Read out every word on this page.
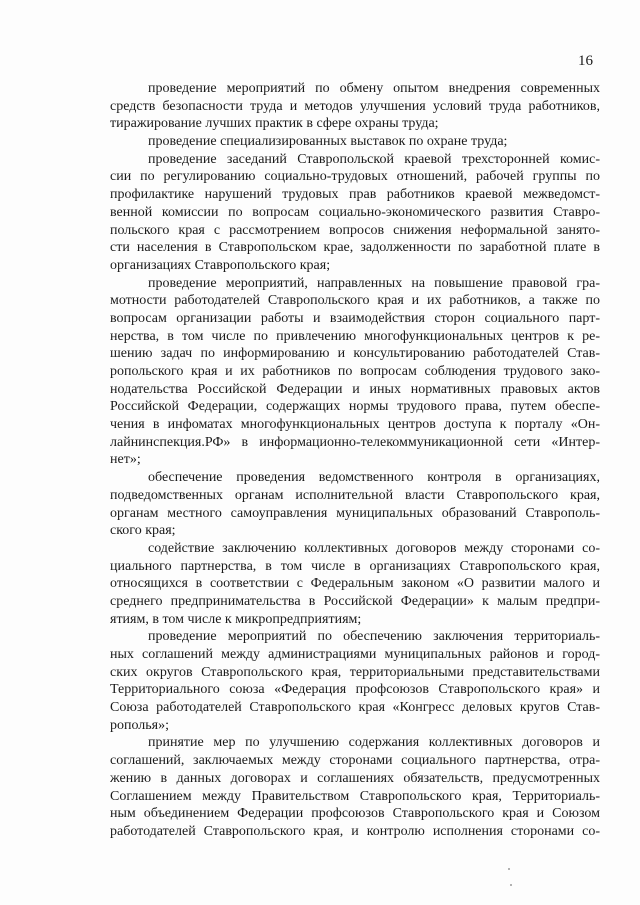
16
проведение мероприятий по обмену опытом внедрения современных
средств безопасности труда и методов улучшения условий труда работников,
тиражирование лучших практик в сфере охраны труда;
проведение специализированных выставок по охране труда;
проведение заседаний Ставропольской краевой трехсторонней комис-
сии по регулированию социально-трудовых отношений, рабочей группы по
профилактике нарушений трудовых прав работников краевой межведомст-
венной комиссии по вопросам социально-экономического развития Ставро-
польского края с рассмотрением вопросов снижения неформальной занято-
сти населения в Ставропольском крае, задолженности по заработной плате в
организациях Ставропольского края;
проведение мероприятий, направленных на повышение правовой гра-
мотности работодателей Ставропольского края и их работников, а также по
вопросам организации работы и взаимодействия сторон социального парт-
нерства, в том числе по привлечению многофункциональных центров к ре-
шению задач по информированию и консультированию работодателей Став-
ропольского края и их работников по вопросам соблюдения трудового зако-
нодательства Российской Федерации и иных нормативных правовых актов
Российской Федерации, содержащих нормы трудового права, путем обеспе-
чения в инфоматах многофункциональных центров доступа к порталу «Он-
лайнинспекция.РФ» в информационно-телекоммуникационной сети «Интер-
нет»;
обеспечение проведения ведомственного контроля в организациях,
подведомственных органам исполнительной власти Ставропольского края,
органам местного самоуправления муниципальных образований Ставрополь-
ского края;
содействие заключению коллективных договоров между сторонами со-
циального партнерства, в том числе в организациях Ставропольского края,
относящихся в соответствии с Федеральным законом «О развитии малого и
среднего предпринимательства в Российской Федерации» к малым предпри-
ятиям, в том числе к микропредприятиям;
проведение мероприятий по обеспечению заключения территориаль-
ных соглашений между администрациями муниципальных районов и город-
ских округов Ставропольского края, территориальными представительствами
Территориального союза «Федерация профсоюзов Ставропольского края» и
Союза работодателей Ставропольского края «Конгресс деловых кругов Став-
рополья»;
принятие мер по улучшению содержания коллективных договоров и
соглашений, заключаемых между сторонами социального партнерства, отра-
жению в данных договорах и соглашениях обязательств, предусмотренных
Соглашением между Правительством Ставропольского края, Территориаль-
ным объединением Федерации профсоюзов Ставропольского края и Союзом
работодателей Ставропольского края, и контролю исполнения сторонами со-
